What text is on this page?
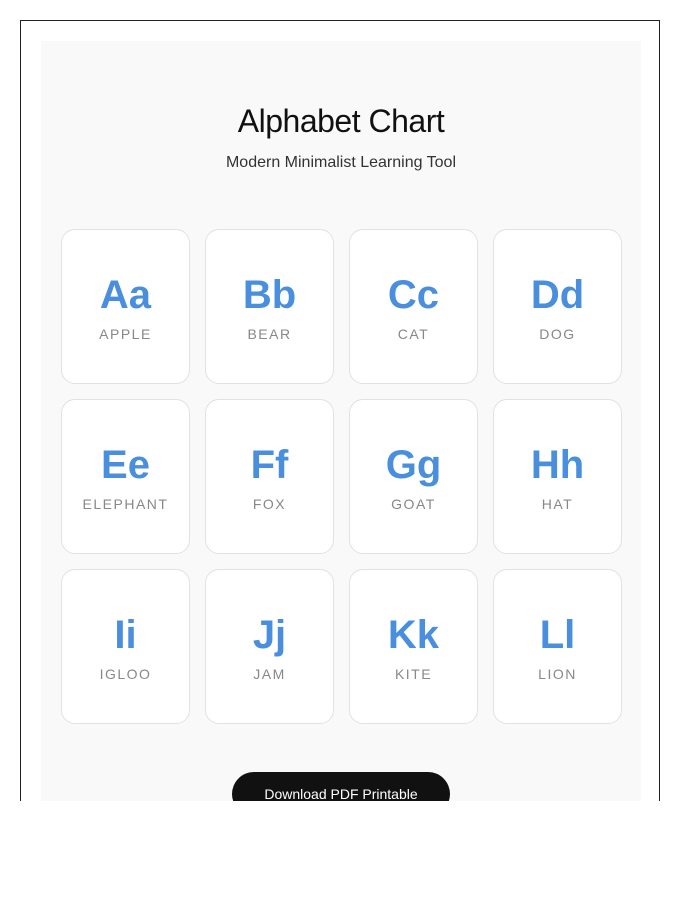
Alphabet Chart
Modern Minimalist Learning Tool
Aa
APPLE
Bb
BEAR
Cc
CAT
Dd
DOG
Ee
ELEPHANT
Ff
FOX
Gg
GOAT
Hh
HAT
Ii
IGLOO
Jj
JAM
Kk
KITE
Ll
LION
Download PDF Printable
